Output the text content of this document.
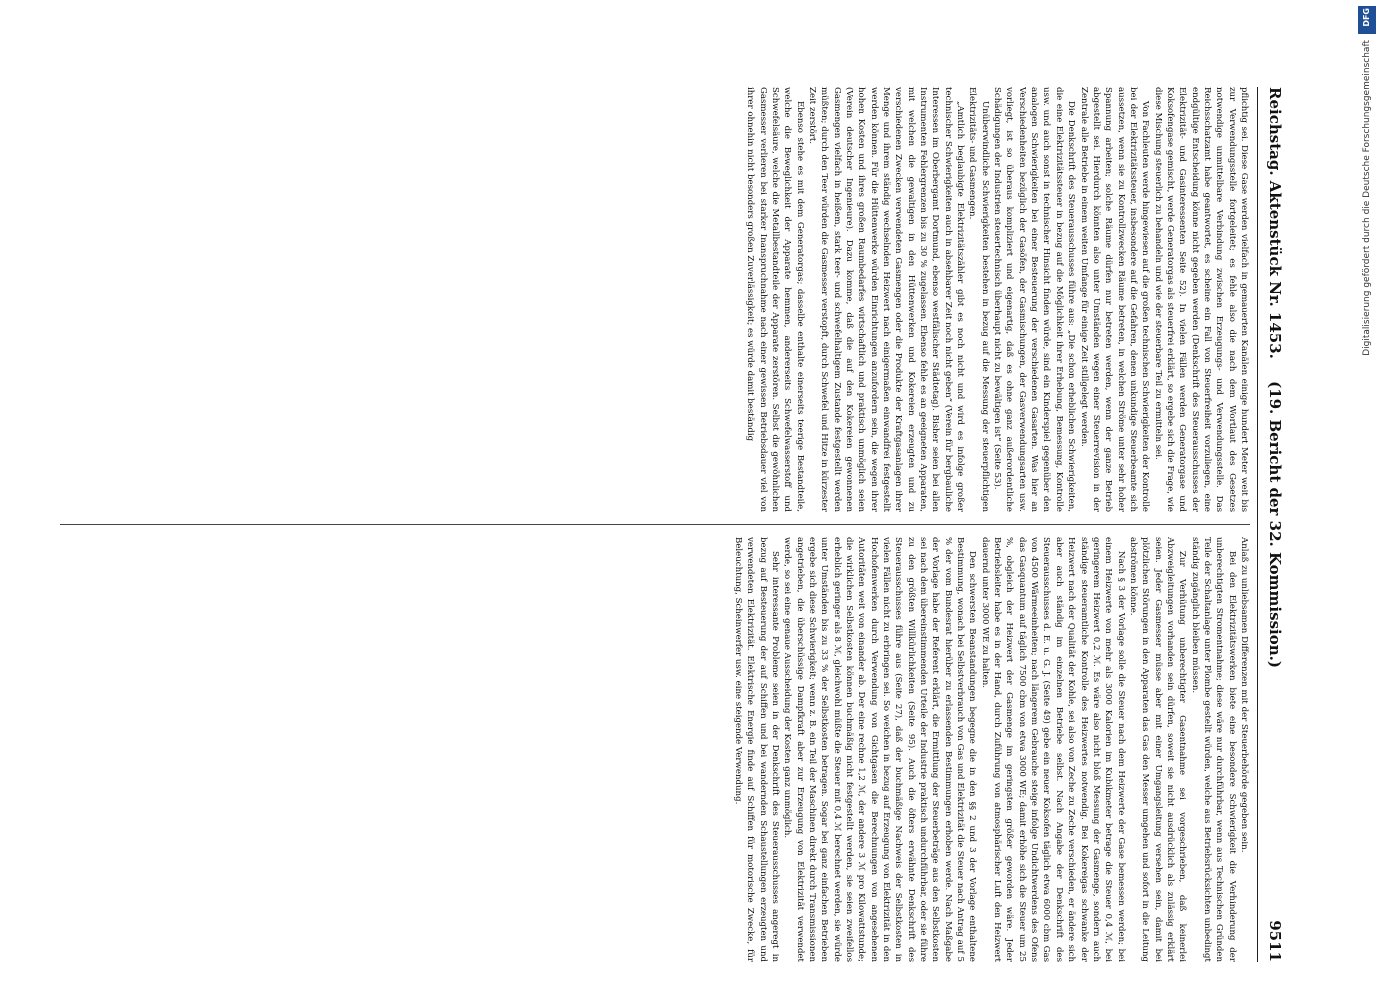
Reichstag. Aktenstück Nr. 1453.
(19. Bericht der 32. Kommission.)
9511

pflichtig sei. Diese Gase werden vielfach in gemauerten Kanälen einige hundert Meter weit bis zur Verwendungsstelle fortgeleitet; es fehle also die nach dem Wortlaut des Gesetzes notwendige unmittelbare Verbindung zwischen Erzeugungs- und Verwendungsstelle. Das Reichsschatzamt habe geantwortet, es scheine ein Fall von Steuerfreiheit vorzuliegen, eine endgültige Entscheidung könne nicht gegeben werden (Denkschrift des Steuerausschusses der Elektrizität- und Gasinteressenten Seite 52). In vielen Fällen werden Generatorgase und Koksofengase gemischt, werde Generatorgas als steuerfrei erklärt, so ergebe sich die Frage, wie diese Mischung steuerlich zu behandeln und wie der steuerbare Teil zu ermitteln sei.

Von Fachleuten werde hingewiesen auf die großen technischen Schwierigkeiten der Kontrolle bei der Elektrizitätssteuer, insbesondere auf die Gefahren, denen unkundige Steuerbeamte sich aussetzen, wenn sie zu Kontrollzwecken Räume betreten, in welchen Ströme unter sehr hoher Spannung arbeiten; solche Räume dürfen nur betreten werden, wenn der ganze Betrieb abgestellt sei. Hierdurch könnten also unter Umständen wegen einer Steuerrevision in der Zentrale alle Betriebe in einem weiten Umfange für einige Zeit stillgelegt werden.

Die Denkschrift des Steuerausschusses führe aus: „Die schon erheblichen Schwierigkeiten, die eine Elektrizitätssteuer in bezug auf die Möglichkeit ihrer Erhebung, Bemessung, Kontrolle usw. und auch sonst in technischer Hinsicht finden würde, sind ein Kinderspiel gegenüber den analogen Schwierigkeiten bei einer Besteuerung der verschiedenen Gasarten. Was hier an Verschiedenheiten bezüglich der Gasöfen, der Gasmischungen, der Gasverwendungsarten usw. vorliegt, ist so überaus kompliziert und eigenartig, daß es ohne ganz außerordentliche Schädigungen der Industrien steuertechnisch überhaupt nicht zu bewältigen ist“ (Seite 53).

Unüberwindliche Schwierigkeiten bestehen in bezug auf die Messung der steuerpflichtigen Elektrizitäts- und Gasmengen.

„Amtlich beglaubigte Elektrizitätszähler gibt es noch nicht und wird es infolge großer technischer Schwierigkeiten auch in absehbarer Zeit noch nicht geben“ (Verein für bergbauliche Interessen im Oberbergamt Dortmund, ebenso westfälischer Städtetag). Bisher seien bei allen Instrumenten Fehlergrenzen bis zu 30 % zugelassen. Ebenso fehle es an geeigneten Apparaten, mit welchen die gewaltigen in den Hüttenwerken und Kokereien erzeugten und zu verschiedenen Zwecken verwendeten Gasmengen oder die Produkte der Kraftgasanlagen ihrer Menge und ihrem ständig wechselnden Heizwert nach einigermaßen einwandfrei festgestellt werden können. Für die Hüttenwerke würden Einrichtungen anzufordern sein, die wegen ihrer hohen Kosten und ihres großen Raumbedarfes wirtschaftlich und praktisch unmöglich seien (Verein deutscher Ingenieure). Dazu komme, daß die auf den Kokereien gewonnenen Gasmengen vielfach in heißem, stark teer- und schwefelhaltigem Zustande festgestellt werden müßten; durch den Teer würden die Gasmesser verstopft, durch Schwefel und Hitze in kürzester Zeit zerstört.

Ebenso stehe es mit dem Generatorgas; dasselbe enthalte einerseits teerige Bestandteile, welche die Beweglichkeit der Apparate hemmen, andererseits Schwefelwasserstoff und Schwefelsäure, welche die Metallbestandteile der Apparate zerstören. Selbst die gewöhnlichen Gasmesser verlieren bei starker Inanspruchnahme nach einer gewissen Betriebsdauer viel von ihrer ohnehin nicht besonders großen Zuverlässigkeit; es würde damit beständig

Anlaß zu unliebsamen Differenzen mit der Steuerbehörde gegeben sein.

Bei den Elektrizitätswerken biete eine besondere Schwierigkeit die Verhinderung der unberechtigten Stromentnahme; diese wäre nur durchführbar, wenn aus Technischen Gründen Teile der Schaltanlage unter Plombe gestellt würden, welche aus Betriebsrücksichten unbedingt ständig zugänglich bleiben müssen.

Zur Verhütung unberechtigter Gasentnahme sei vorgeschrieben, daß keinerlei Abzweigleitungen vorhanden sein dürfen, soweit sie nicht ausdrücklich als zulässig erklärt seien. Jeder Gasmesser müsse aber mit einer Umgangsleitung versehen sein, damit bei plötzlichen Störungen in den Apparaten das Gas den Messer umgehen und sofort in die Leitung abströmen könne.

Nach § 3 der Vorlage solle die Steuer nach dem Heizwerte der Gase bemessen werden; bei einem Heizwerte von mehr als 3000 Kalorien im Kubikmeter betrage die Steuer 0,4 ℳ, bei geringerem Heizwert 0,2 ℳ. Es wäre also nicht bloß Messung der Gasmenge, sondern auch ständige steueramtliche Kontrolle des Heizwertes notwendig. Bei Kokereigas schwanke der Heizwert nach der Qualität der Kohle, sei also von Zeche zu Zeche verschieden, er ändere sich aber auch ständig im einzelnen Betriebe selbst. Nach Angabe der Denkschrift des Steuerausschusses d. E. u. G. J. (Seite 49) gebe ein neuer Koksofen täglich etwa 6000 cbm Gas von 4500 Wärmeeinheiten; nach längerem Gebrauche steige infolge Undichtwerdens des Ofens das Gasquantum auf täglich 7500 cbm von etwa 3000 WE; damit erhöhe sich die Steuer um 25 %, obgleich der Heizwert der Gasmenge im geringsten größer geworden wäre. Jeder Betriebsleiter habe es in der Hand, durch Zuführung von atmosphärischer Luft den Heizwert dauernd unter 3000 WE zu halten.

Den schwersten Beanstandungen begegne die in den §§ 2 und 3 der Vorlage enthaltene Bestimmung, wonach bei Selbstverbrauch von Gas und Elektrizität die Steuer nach Antrag auf 5 % der vom Bundesrat hierüber zu erlassenden Bestimmungen erhoben werde. Nach Maßgabe der Vorlage habe der Referent erklärt, die Ermittlung der Steuerbeträge aus den Selbstkosten sei nach dem übereinstimmenden Urteile der Industrie praktisch undurchführbar, oder sie führe zu den größten Willkürlichkeiten (Seite 95). Auch die öfters erwähnte Denkschrift des Steuerausschusses führe aus (Seite 27), daß der buchmäßige Nachweis der Selbstkosten in vielen Fällen nicht zu erbringen sei. So weichen in bezug auf Erzeugung von Elektrizität in den Hochofenwerken durch Verwendung von Gichtgasen die Berechnungen von angesehenen Autoritäten weit von einander ab. Der eine rechne 1,2 ℳ, der andere 3 ℳ pro Kilowattstunde; die wirklichen Selbstkosten können buchmäßig nicht festgestellt werden, sie seien zweifellos erheblich geringer als 8 ℳ, gleichwohl müßte die Steuer mit 0,4 ℳ berechnet werden, sie würde unter Umständen bis zu 33 % der Selbstkosten betragen. Sogar bei ganz einfachen Betrieben ergebe sich diese Schwierigkeit; wenn z. B. ein Teil der Maschinen direkt durch Transmissionen angetrieben, die überschüssige Dampfkraft aber zur Erzeugung von Elektrizität verwendet werde, so sei eine genaue Ausscheidung der Kosten ganz unmöglich.

Sehr interessante Probleme seien in der Denkschrift des Steuerausschusses angeregt in bezug auf Besteuerung der auf Schiffen und bei wandernden Schaustellungen erzeugten und verwendeten Elektrizität. Elektrische Energie finde auf Schiffen für motorische Zwecke, für Beleuchtung, Scheinwerfer usw. eine steigende Verwendung.

DFG
Digitalisierung gefördert durch die Deutsche Forschungsgemeinschaft
